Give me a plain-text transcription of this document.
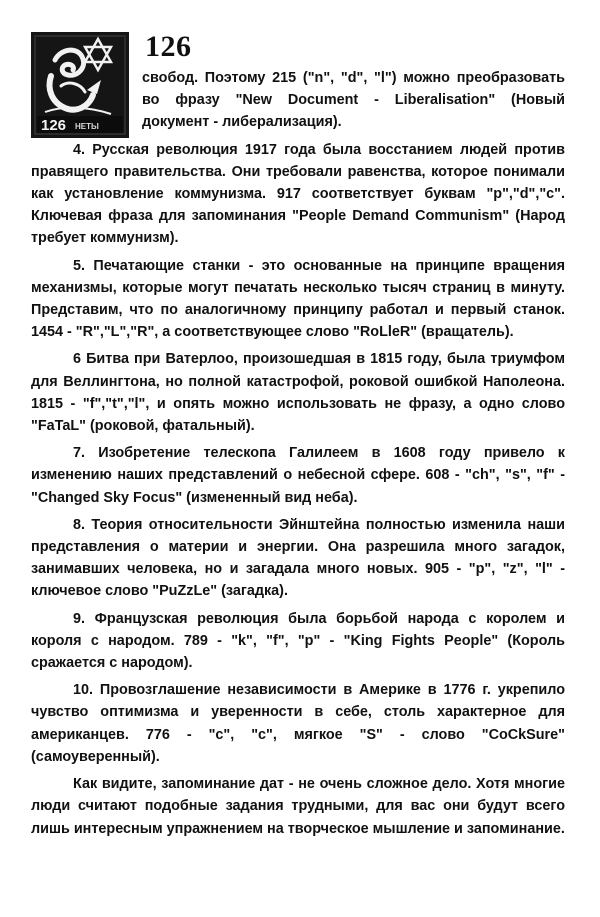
126 HETЫ
126

свобод. Поэтому 215 ("n", "d", "l") можно преобразовать во фразу "New Document - Liberalisation" (Новый документ - либерализация).

4. Русская революция 1917 года была восстанием людей против правящего правительства. Они требовали равенства, которое понимали как установление коммунизма. 917 соответствует буквам "р","d","с". Ключевая фраза для запоминания "People Demand Communism" (Народ требует коммунизм).

5. Печатающие станки - это основанные на принципе вращения механизмы, которые могут печатать несколько тысяч страниц в минуту. Представим, что по аналогичному принципу работал и первый станок. 1454 - "R","L","R", а соответствующее слово "RoLleR" (вращатель).

6 Битва при Ватерлоо, произошедшая в 1815 году, была триумфом для Веллингтона, но полной катастрофой, роковой ошибкой Наполеона. 1815 - "f","t","l", и опять можно использовать не фразу, а одно слово "FaTaL" (роковой, фатальный).

7. Изобретение телескопа Галилеем в 1608 году привело к изменению наших представлений о небесной сфере. 608 - "ch", "s", "f" - "Changed Sky Focus" (измененный вид неба).

8. Теория относительности Эйнштейна полностью изменила наши представления о материи и энергии. Она разрешила много загадок, занимавших человека, но и загадала много новых. 905 - "р", "z", "l" - ключевое слово "PuZzLe" (загадка).

9. Французская революция была борьбой народа с королем и короля с народом. 789 - "k", "f", "р" - "King Fights People" (Король сражается с народом).

10. Провозглашение независимости в Америке в 1776 г. укрепило чувство оптимизма и уверенности в себе, столь характерное для американцев. 776 - "с", "с", мягкое "S" - слово "CoCkSure" (самоуверенный).

Как видите, запоминание дат - не очень сложное дело. Хотя многие люди считают подобные задания трудными, для вас они будут всего лишь интересным упражнением на творческое мышление и запоминание.
